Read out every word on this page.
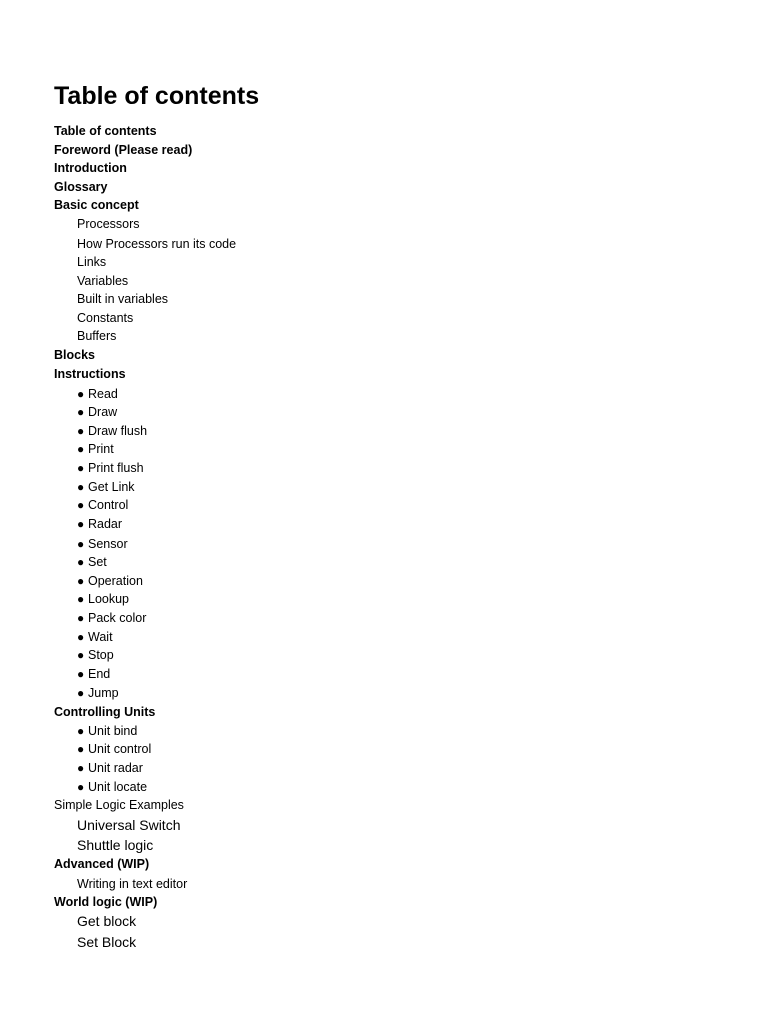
Table of contents
Table of contents
Foreword (Please read)
Introduction
Glossary
Basic concept
Processors
How Processors run its code
Links
Variables
Built in variables
Constants
Buffers
Blocks
Instructions
● Read
● Draw
● Draw flush
● Print
● Print flush
● Get Link
● Control
● Radar
● Sensor
● Set
● Operation
● Lookup
● Pack color
● Wait
● Stop
● End
● Jump
Controlling Units
● Unit bind
● Unit control
● Unit radar
● Unit locate
Simple Logic Examples
Universal Switch
Shuttle logic
Advanced (WIP)
Writing in text editor
World logic (WIP)
Get block
Set Block
